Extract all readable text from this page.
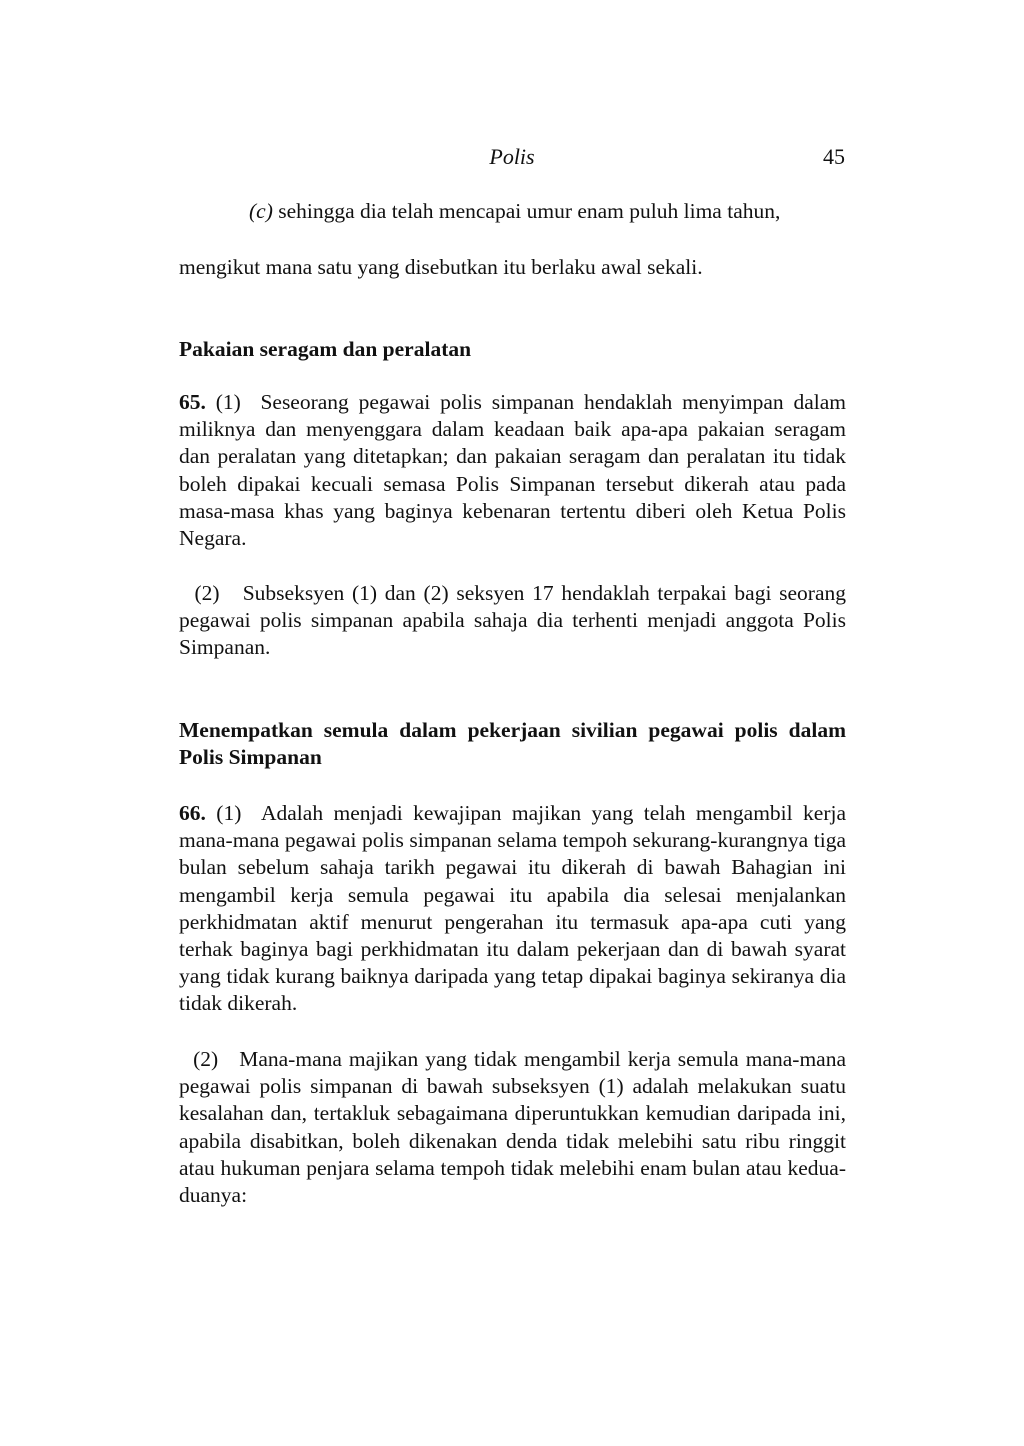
Polis	45
(c) sehingga dia telah mencapai umur enam puluh lima tahun,
mengikut mana satu yang disebutkan itu berlaku awal sekali.
Pakaian seragam dan peralatan
65. (1) Seseorang pegawai polis simpanan hendaklah menyimpan dalam miliknya dan menyenggara dalam keadaan baik apa-apa pakaian seragam dan peralatan yang ditetapkan; dan pakaian seragam dan peralatan itu tidak boleh dipakai kecuali semasa Polis Simpanan tersebut dikerah atau pada masa-masa khas yang baginya kebenaran tertentu diberi oleh Ketua Polis Negara.
(2) Subseksyen (1) dan (2) seksyen 17 hendaklah terpakai bagi seorang pegawai polis simpanan apabila sahaja dia terhenti menjadi anggota Polis Simpanan.
Menempatkan semula dalam pekerjaan sivilian pegawai polis dalam Polis Simpanan
66. (1) Adalah menjadi kewajipan majikan yang telah mengambil kerja mana-mana pegawai polis simpanan selama tempoh sekurang-kurangnya tiga bulan sebelum sahaja tarikh pegawai itu dikerah di bawah Bahagian ini mengambil kerja semula pegawai itu apabila dia selesai menjalankan perkhidmatan aktif menurut pengerahan itu termasuk apa-apa cuti yang terhak baginya bagi perkhidmatan itu dalam pekerjaan dan di bawah syarat yang tidak kurang baiknya daripada yang tetap dipakai baginya sekiranya dia tidak dikerah.
(2) Mana-mana majikan yang tidak mengambil kerja semula mana-mana pegawai polis simpanan di bawah subseksyen (1) adalah melakukan suatu kesalahan dan, tertakluk sebagaimana diperuntukkan kemudian daripada ini, apabila disabitkan, boleh dikenakan denda tidak melebihi satu ribu ringgit atau hukuman penjara selama tempoh tidak melebihi enam bulan atau kedua-duanya:
